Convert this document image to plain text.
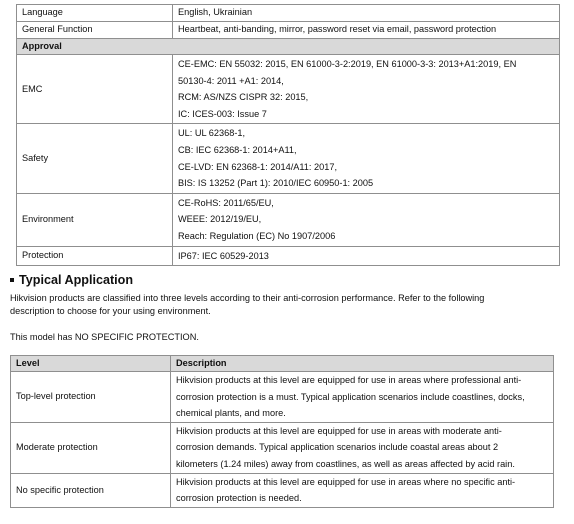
Language	English, Ukrainian
General Function	Heartbeat, anti-banding, mirror, password reset via email, password protection
Approval	
EMC	CE-EMC: EN 55032: 2015, EN 61000-3-2:2019, EN 61000-3-3: 2013+A1:2019, EN
50130-4: 2011 +A1: 2014,
RCM: AS/NZS CISPR 32: 2015,
IC: ICES-003: Issue 7

Safety	UL: UL 62368-1,
CB: IEC 62368-1: 2014+A11,
CE-LVD: EN 62368-1: 2014/A11: 2017,
BIS: IS 13252 (Part 1): 2010/IEC 60950-1: 2005

Environment	CE-RoHS: 2011/65/EU,
WEEE: 2012/19/EU,
Reach: Regulation (EC) No 1907/2006

Protection	IP67: IEC 60529-2013
Typical Application
Hikvision products are classified into three levels according to their anti-corrosion performance. Refer to the following
description to choose for your using environment.
This model has NO SPECIFIC PROTECTION.
Level	Description
Top-level protection	Hikvision products at this level are equipped for use in areas where professional anti-
corrosion protection is a must. Typical application scenarios include coastlines, docks,
chemical plants, and more.

Moderate protection	Hikvision products at this level are equipped for use in areas with moderate anti-
corrosion demands. Typical application scenarios include coastal areas about 2
kilometers (1.24 miles) away from coastlines, as well as areas affected by acid rain.

No specific protection	Hikvision products at this level are equipped for use in areas where no specific anti-
corrosion protection is needed.
